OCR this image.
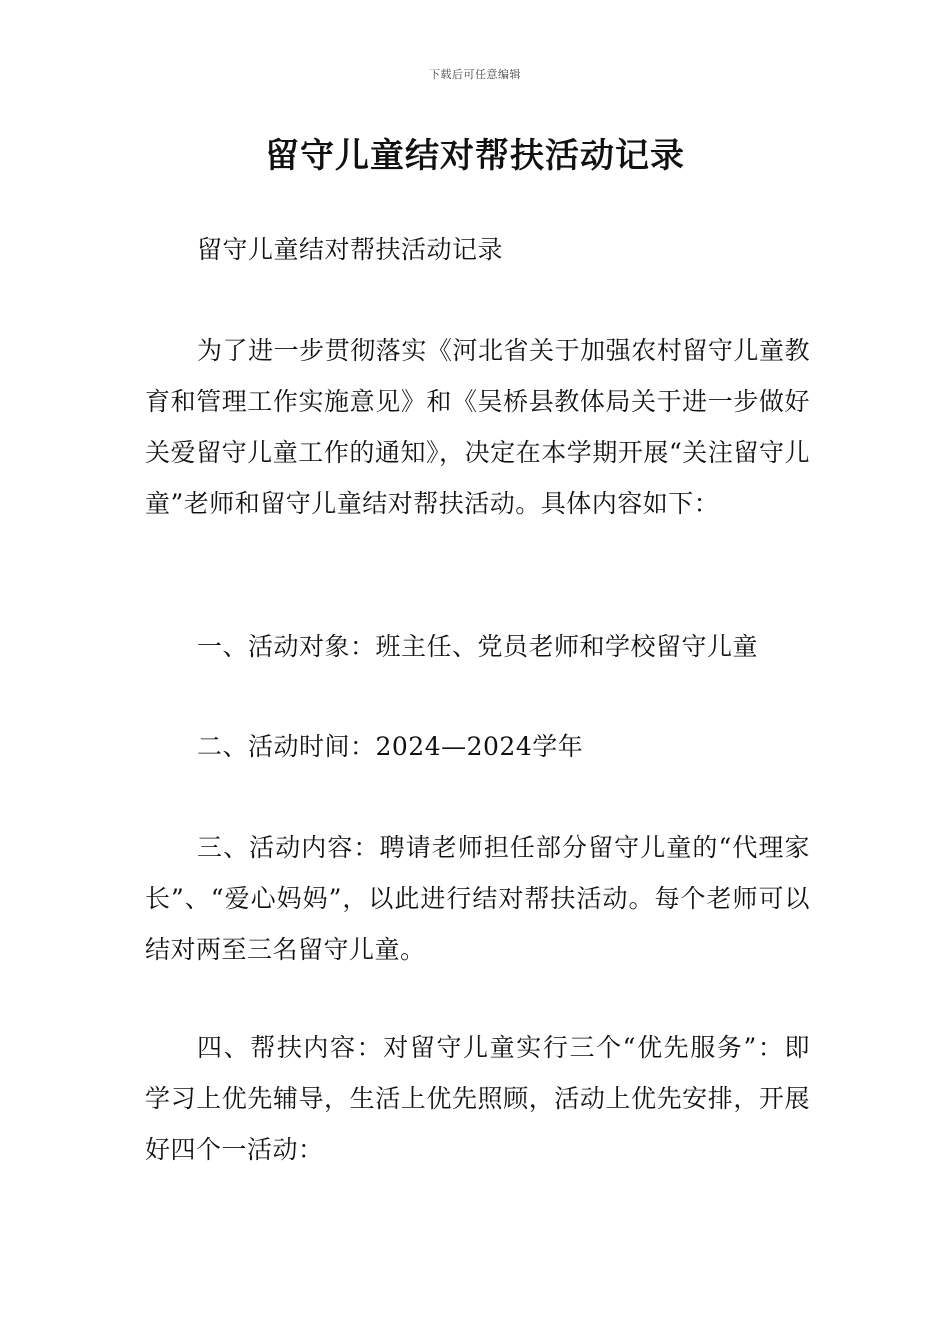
下载后可任意编辑
留守儿童结对帮扶活动记录

留守儿童结对帮扶活动记录

为了进一步贯彻落实《河北省关于加强农村留守儿童教育和管理工作实施意见》和《吴桥县教体局关于进一步做好关爱留守儿童工作的通知》，决定在本学期开展“关注留守儿童”老师和留守儿童结对帮扶活动。具体内容如下：

一、活动对象：班主任、党员老师和学校留守儿童

二、活动时间：2024—2024学年

三、活动内容：聘请老师担任部分留守儿童的“代理家长”、“爱心妈妈”，以此进行结对帮扶活动。每个老师可以结对两至三名留守儿童。

四、帮扶内容：对留守儿童实行三个“优先服务”：即学习上优先辅导，生活上优先照顾，活动上优先安排，开展好四个一活动：
